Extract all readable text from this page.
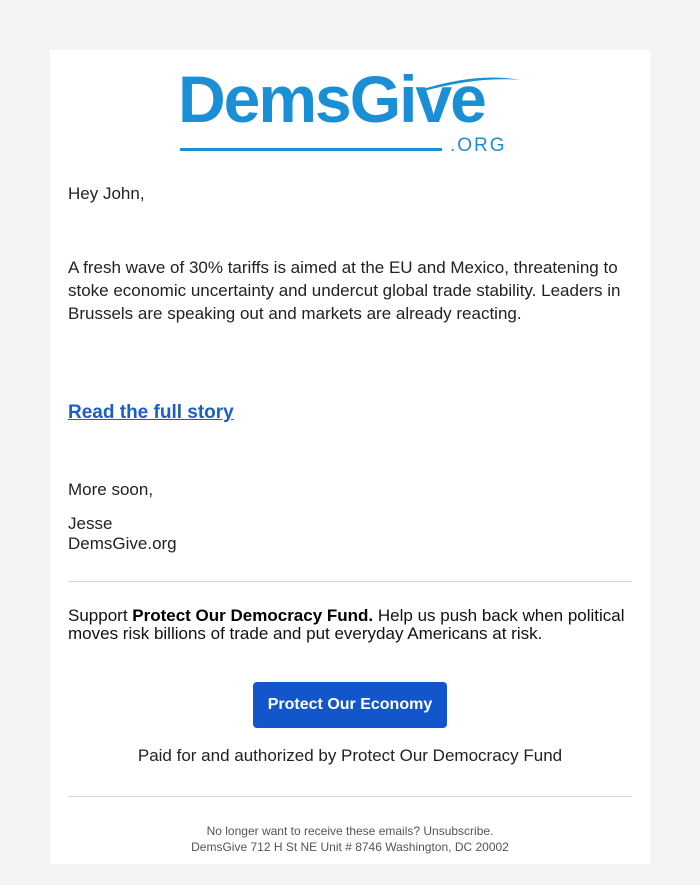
DemsGive
.ORG
Hey John,
A fresh wave of 30% tariffs is aimed at the EU and Mexico, threatening to stoke economic uncertainty and undercut global trade stability. Leaders in Brussels are speaking out and markets are already reacting.
Read the full story
More soon,
Jesse
DemsGive.org
Support Protect Our Democracy Fund. Help us push back when political moves risk billions of trade and put everyday Americans at risk.
Protect Our Economy
Paid for and authorized by Protect Our Democracy Fund
No longer want to receive these emails? Unsubscribe.
DemsGive 712 H St NE Unit # 8746 Washington, DC 20002
